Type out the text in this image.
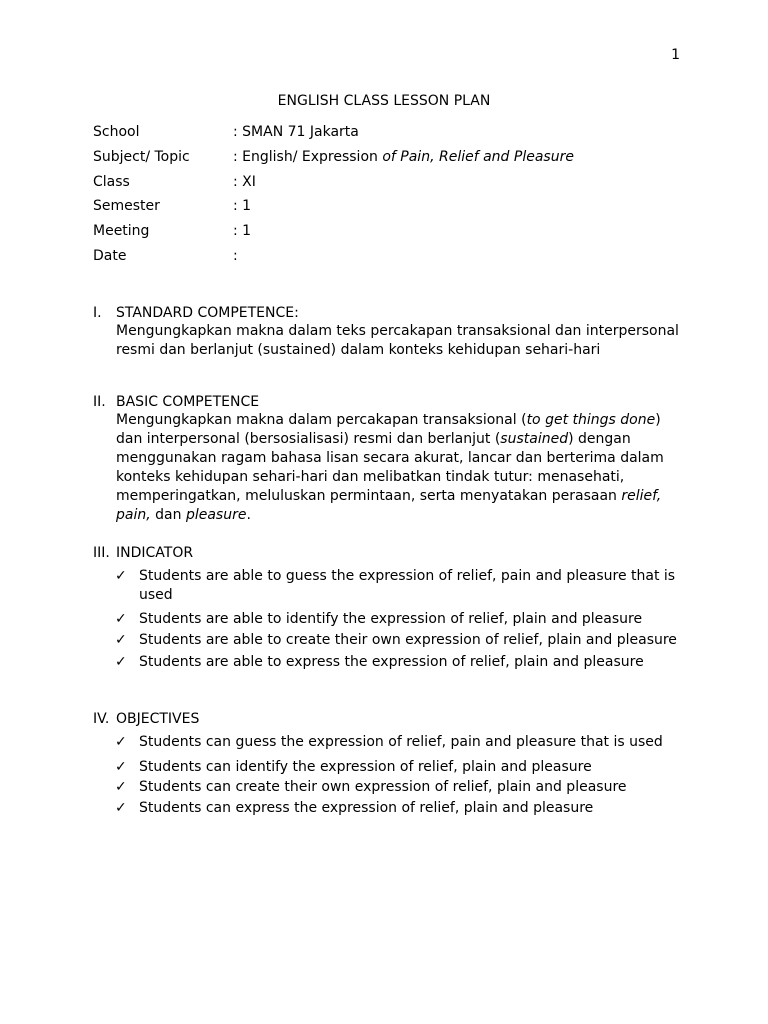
1
ENGLISH CLASS LESSON PLAN
School	: SMAN 71 Jakarta
Subject/ Topic	: English/ Expression of Pain, Relief and Pleasure
Class	: XI
Semester	: 1
Meeting	: 1
Date	:
I.	STANDARD COMPETENCE:
Mengungkapkan makna dalam teks percakapan transaksional dan interpersonal resmi dan berlanjut (sustained) dalam konteks kehidupan sehari-hari
II. BASIC COMPETENCE
Mengungkapkan makna dalam percakapan transaksional (to get things done) dan interpersonal (bersosialisasi) resmi dan berlanjut (sustained) dengan menggunakan ragam bahasa lisan secara akurat, lancar dan berterima dalam konteks kehidupan sehari-hari dan melibatkan tindak tutur: menasehati, memperingatkan, meluluskan permintaan, serta menyatakan perasaan relief, pain, dan pleasure.
III. INDICATOR
✓ Students are able to guess the expression of relief, pain and pleasure that is used
✓ Students are able to identify the expression of relief, plain and pleasure
✓ Students are able to create their own expression of relief, plain and pleasure
✓ Students are able to express the expression of relief, plain and pleasure
IV. OBJECTIVES
✓ Students can guess the expression of relief, pain and pleasure that is used
✓ Students can identify the expression of relief, plain and pleasure
✓ Students can create their own expression of relief, plain and pleasure
✓ Students can express the expression of relief, plain and pleasure
